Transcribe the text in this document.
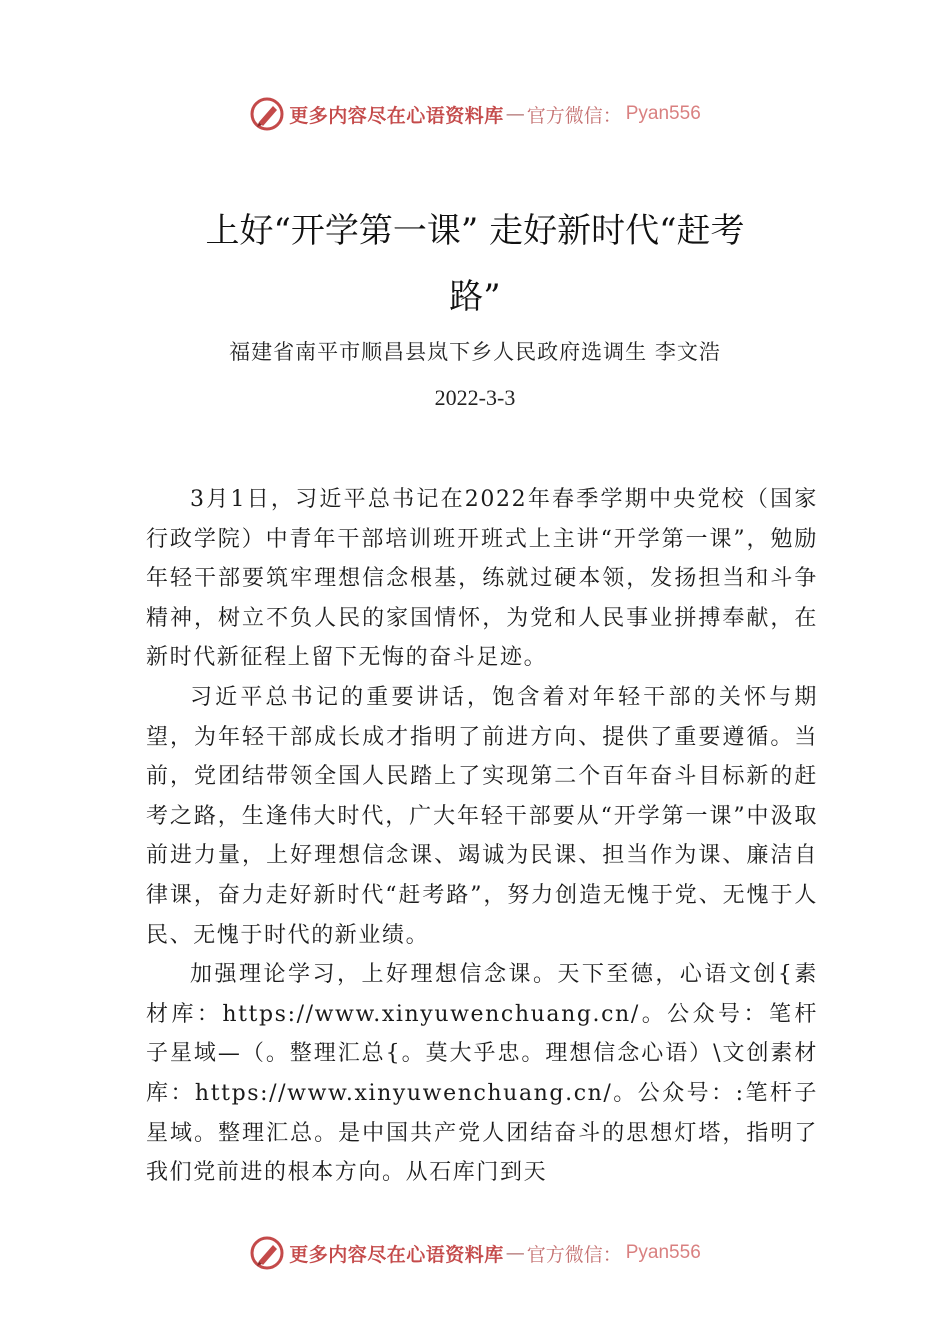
更多内容尽在心语资料库 — 官方微信： Pyan556
上好“开学第一课” 走好新时代“赶考
路”
福建省南平市顺昌县岚下乡人民政府选调生 李文浩
2022-3-3

3月1日，习近平总书记在2022年春季学期中央党校（国家行政学院）中青年干部培训班开班式上主讲“开学第一课”，勉励年轻干部要筑牢理想信念根基，练就过硬本领，发扬担当和斗争精神，树立不负人民的家国情怀，为党和人民事业拼搏奉献，在新时代新征程上留下无悔的奋斗足迹。

习近平总书记的重要讲话，饱含着对年轻干部的关怀与期望，为年轻干部成长成才指明了前进方向、提供了重要遵循。当前，党团结带领全国人民踏上了实现第二个百年奋斗目标新的赶考之路，生逢伟大时代，广大年轻干部要从“开学第一课”中汲取前进力量，上好理想信念课、竭诚为民课、担当作为课、廉洁自律课，奋力走好新时代“赶考路”，努力创造无愧于党、无愧于人民、无愧于时代的新业绩。

加强理论学习，上好理想信念课。天下至德，心语文创{素材库：https://www.xinyuwenchuang.cn/。公众号：笔杆子星域—（。整理汇总{。莫大乎忠。理想信念心语）\文创素材库：https://www.xinyuwenchuang.cn/。公众号：:笔杆子星域。整理汇总。是中国共产党人团结奋斗的思想灯塔，指明了我们党前进的根本方向。从石库门到天

更多内容尽在心语资料库 — 官方微信： Pyan556
